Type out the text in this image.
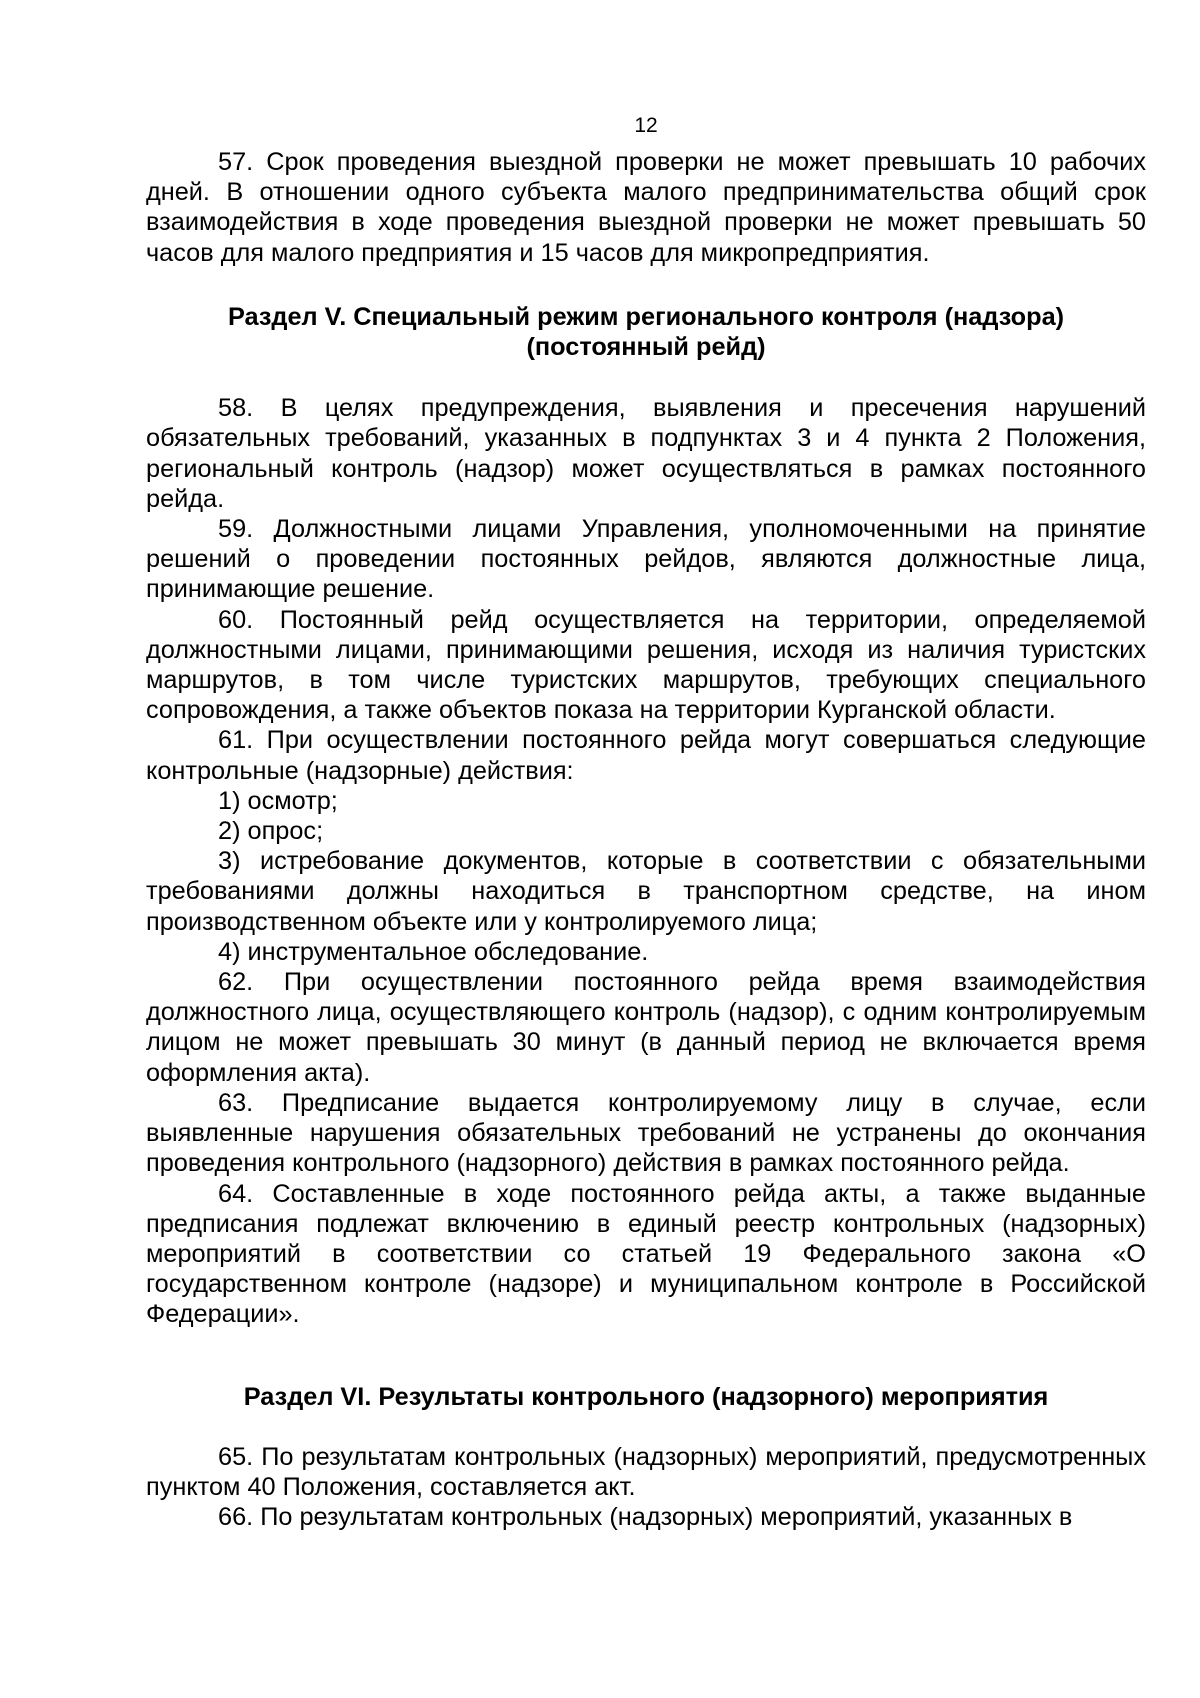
12

57. Срок проведения выездной проверки не может превышать 10 рабочих дней. В отношении одного субъекта малого предпринимательства общий срок взаимодействия в ходе проведения выездной проверки не может превышать 50 часов для малого предприятия и 15 часов для микропредприятия.

Раздел V. Специальный режим регионального контроля (надзора)
(постоянный рейд)

58. В целях предупреждения, выявления и пресечения нарушений обязательных требований, указанных в подпунктах 3 и 4 пункта 2 Положения, региональный контроль (надзор) может осуществляться в рамках постоянного рейда.

59. Должностными лицами Управления, уполномоченными на принятие решений о проведении постоянных рейдов, являются должностные лица, принимающие решение.

60. Постоянный рейд осуществляется на территории, определяемой должностными лицами, принимающими решения, исходя из наличия туристских маршрутов, в том числе туристских маршрутов, требующих специального сопровождения, а также объектов показа на территории Курганской области.

61. При осуществлении постоянного рейда могут совершаться следующие контрольные (надзорные) действия:

1) осмотр;

2) опрос;

3) истребование документов, которые в соответствии с обязательными требованиями должны находиться в транспортном средстве, на ином производственном объекте или у контролируемого лица;

4) инструментальное обследование.

62. При осуществлении постоянного рейда время взаимодействия должностного лица, осуществляющего контроль (надзор), с одним контролируемым лицом не может превышать 30 минут (в данный период не включается время оформления акта).

63. Предписание выдается контролируемому лицу в случае, если выявленные нарушения обязательных требований не устранены до окончания проведения контрольного (надзорного) действия в рамках постоянного рейда.

64. Составленные в ходе постоянного рейда акты, а также выданные предписания подлежат включению в единый реестр контрольных (надзорных) мероприятий в соответствии со статьей 19 Федерального закона «О государственном контроле (надзоре) и муниципальном контроле в Российской Федерации».

Раздел VI. Результаты контрольного (надзорного) мероприятия

65. По результатам контрольных (надзорных) мероприятий, предусмотренных пунктом 40 Положения, составляется акт.

66. По результатам контрольных (надзорных) мероприятий, указанных в
